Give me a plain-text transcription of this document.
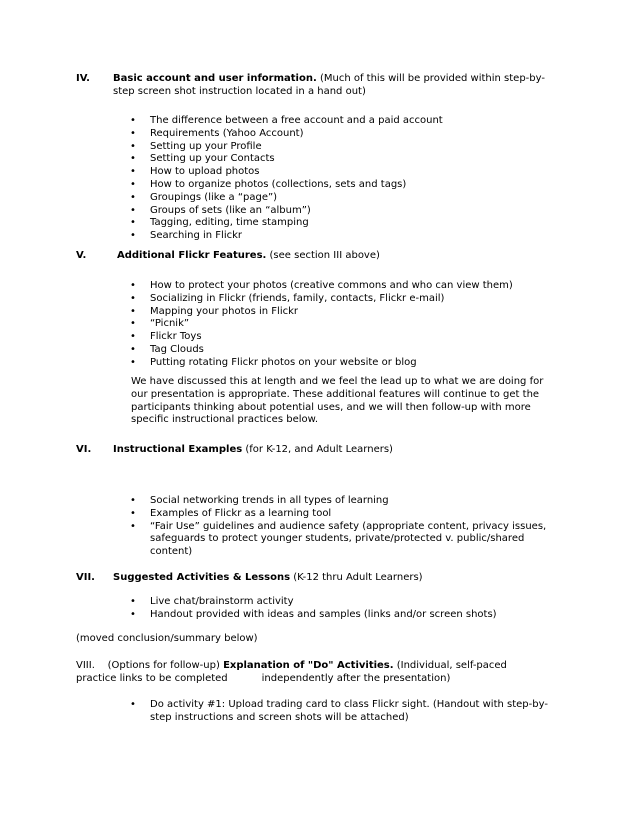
IV. Basic account and user information. (Much of this will be provided within step-by-step screen shot instruction located in a hand out)
• The difference between a free account and a paid account
• Requirements (Yahoo Account)
• Setting up your Profile
• Setting up your Contacts
• How to upload photos
• How to organize photos (collections, sets and tags)
• Groupings (like a “page”)
• Groups of sets (like an “album”)
• Tagging, editing, time stamping
• Searching in Flickr
V.	Additional Flickr Features. (see section III above)
• How to protect your photos (creative commons and who can view them)
• Socializing in Flickr (friends, family, contacts, Flickr e-mail)
• Mapping your photos in Flickr
• “Picnik”
• Flickr Toys
• Tag Clouds
• Putting rotating Flickr photos on your website or blog
We have discussed this at length and we feel the lead up to what we are doing for our presentation is appropriate. These additional features will continue to get the participants thinking about potential uses, and we will then follow-up with more specific instructional practices below.
VI. Instructional Examples (for K-12, and Adult Learners)
• Social networking trends in all types of learning
• Examples of Flickr as a learning tool
• “Fair Use” guidelines and audience safety (appropriate content, privacy issues, safeguards to protect younger students, private/protected v. public/shared content)
VII. Suggested Activities & Lessons (K-12 thru Adult Learners)
• Live chat/brainstorm activity
• Handout provided with ideas and samples (links and/or screen shots)
(moved conclusion/summary below)
VIII. (Options for follow-up) Explanation of "Do" Activities. (Individual, self-paced
practice links to be completed	independently after the presentation)
• Do activity #1: Upload trading card to class Flickr sight. (Handout with step-by-step instructions and screen shots will be attached)
